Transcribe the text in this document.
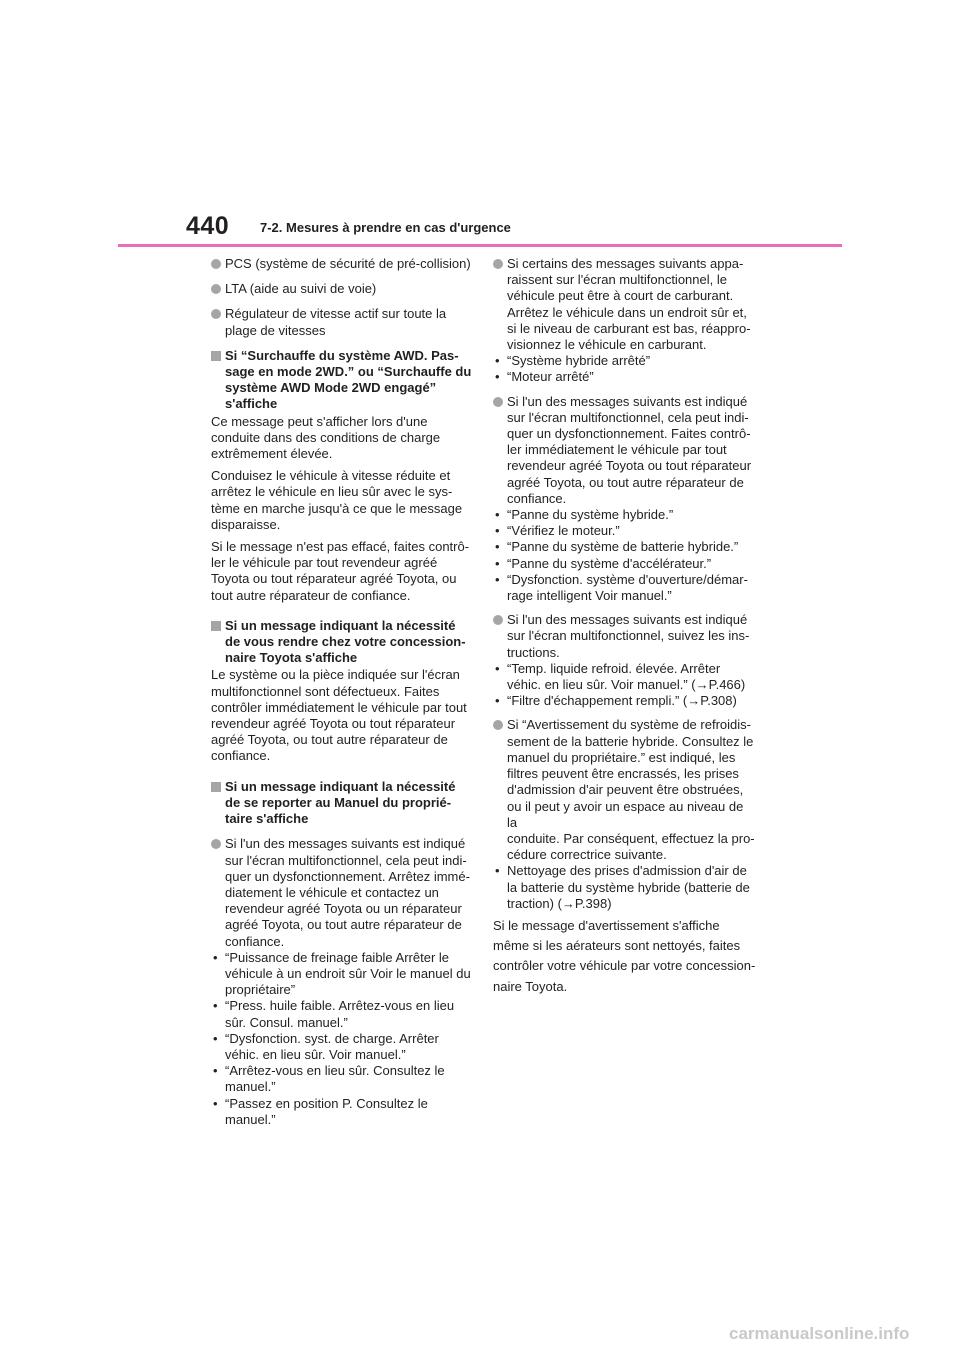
440 7-2. Mesures à prendre en cas d'urgence
PCS (système de sécurité de pré-collision)
LTA (aide au suivi de voie)
Régulateur de vitesse actif sur toute la
plage de vitesses
Si “Surchauffe du système AWD. Pas-
sage en mode 2WD.” ou “Surchauffe du
système AWD Mode 2WD engagé”
s'affiche
Ce message peut s'afficher lors d'une
conduite dans des conditions de charge
extrêmement élevée.
Conduisez le véhicule à vitesse réduite et
arrêtez le véhicule en lieu sûr avec le sys-
tème en marche jusqu'à ce que le message
disparaisse.
Si le message n'est pas effacé, faites contrô-
ler le véhicule par tout revendeur agréé
Toyota ou tout réparateur agréé Toyota, ou
tout autre réparateur de confiance.
Si un message indiquant la nécessité
de vous rendre chez votre concession-
naire Toyota s'affiche
Le système ou la pièce indiquée sur l'écran
multifonctionnel sont défectueux. Faites
contrôler immédiatement le véhicule par tout
revendeur agréé Toyota ou tout réparateur
agréé Toyota, ou tout autre réparateur de
confiance.
Si un message indiquant la nécessité
de se reporter au Manuel du proprié-
taire s'affiche
Si l'un des messages suivants est indiqué
sur l'écran multifonctionnel, cela peut indi-
quer un dysfonctionnement. Arrêtez immé-
diatement le véhicule et contactez un
revendeur agréé Toyota ou un réparateur
agréé Toyota, ou tout autre réparateur de
confiance.
• “Puissance de freinage faible Arrêter le
véhicule à un endroit sûr Voir le manuel du
propriétaire”
• “Press. huile faible. Arrêtez-vous en lieu
sûr. Consul. manuel.”
• “Dysfonction. syst. de charge. Arrêter
véhic. en lieu sûr. Voir manuel.”
• “Arrêtez-vous en lieu sûr. Consultez le
manuel.”
• “Passez en position P. Consultez le
manuel.”
Si certains des messages suivants appa-
raissent sur l'écran multifonctionnel, le
véhicule peut être à court de carburant.
Arrêtez le véhicule dans un endroit sûr et,
si le niveau de carburant est bas, réappro-
visionnez le véhicule en carburant.
• “Système hybride arrêté”
• “Moteur arrêté”
Si l'un des messages suivants est indiqué
sur l'écran multifonctionnel, cela peut indi-
quer un dysfonctionnement. Faites contrô-
ler immédiatement le véhicule par tout
revendeur agréé Toyota ou tout réparateur
agréé Toyota, ou tout autre réparateur de
confiance.
• “Panne du système hybride.”
• “Vérifiez le moteur.”
• “Panne du système de batterie hybride.”
• “Panne du système d'accélérateur.”
• “Dysfonction. système d'ouverture/démar-
rage intelligent Voir manuel.”
Si l'un des messages suivants est indiqué
sur l'écran multifonctionnel, suivez les ins-
tructions.
• “Temp. liquide refroid. élevée. Arrêter
véhic. en lieu sûr. Voir manuel.” (→P.466)
• “Filtre d'échappement rempli.” (→P.308)
Si “Avertissement du système de refroidis-
sement de la batterie hybride. Consultez le
manuel du propriétaire.” est indiqué, les
filtres peuvent être encrassés, les prises
d'admission d'air peuvent être obstruées,
ou il peut y avoir un espace au niveau de la
conduite. Par conséquent, effectuez la pro-
cédure correctrice suivante.
• Nettoyage des prises d'admission d'air de
la batterie du système hybride (batterie de
traction) (→P.398)
Si le message d'avertissement s'affiche
même si les aérateurs sont nettoyés, faites
contrôler votre véhicule par votre concession-
naire Toyota.
carmanualsonline.info
